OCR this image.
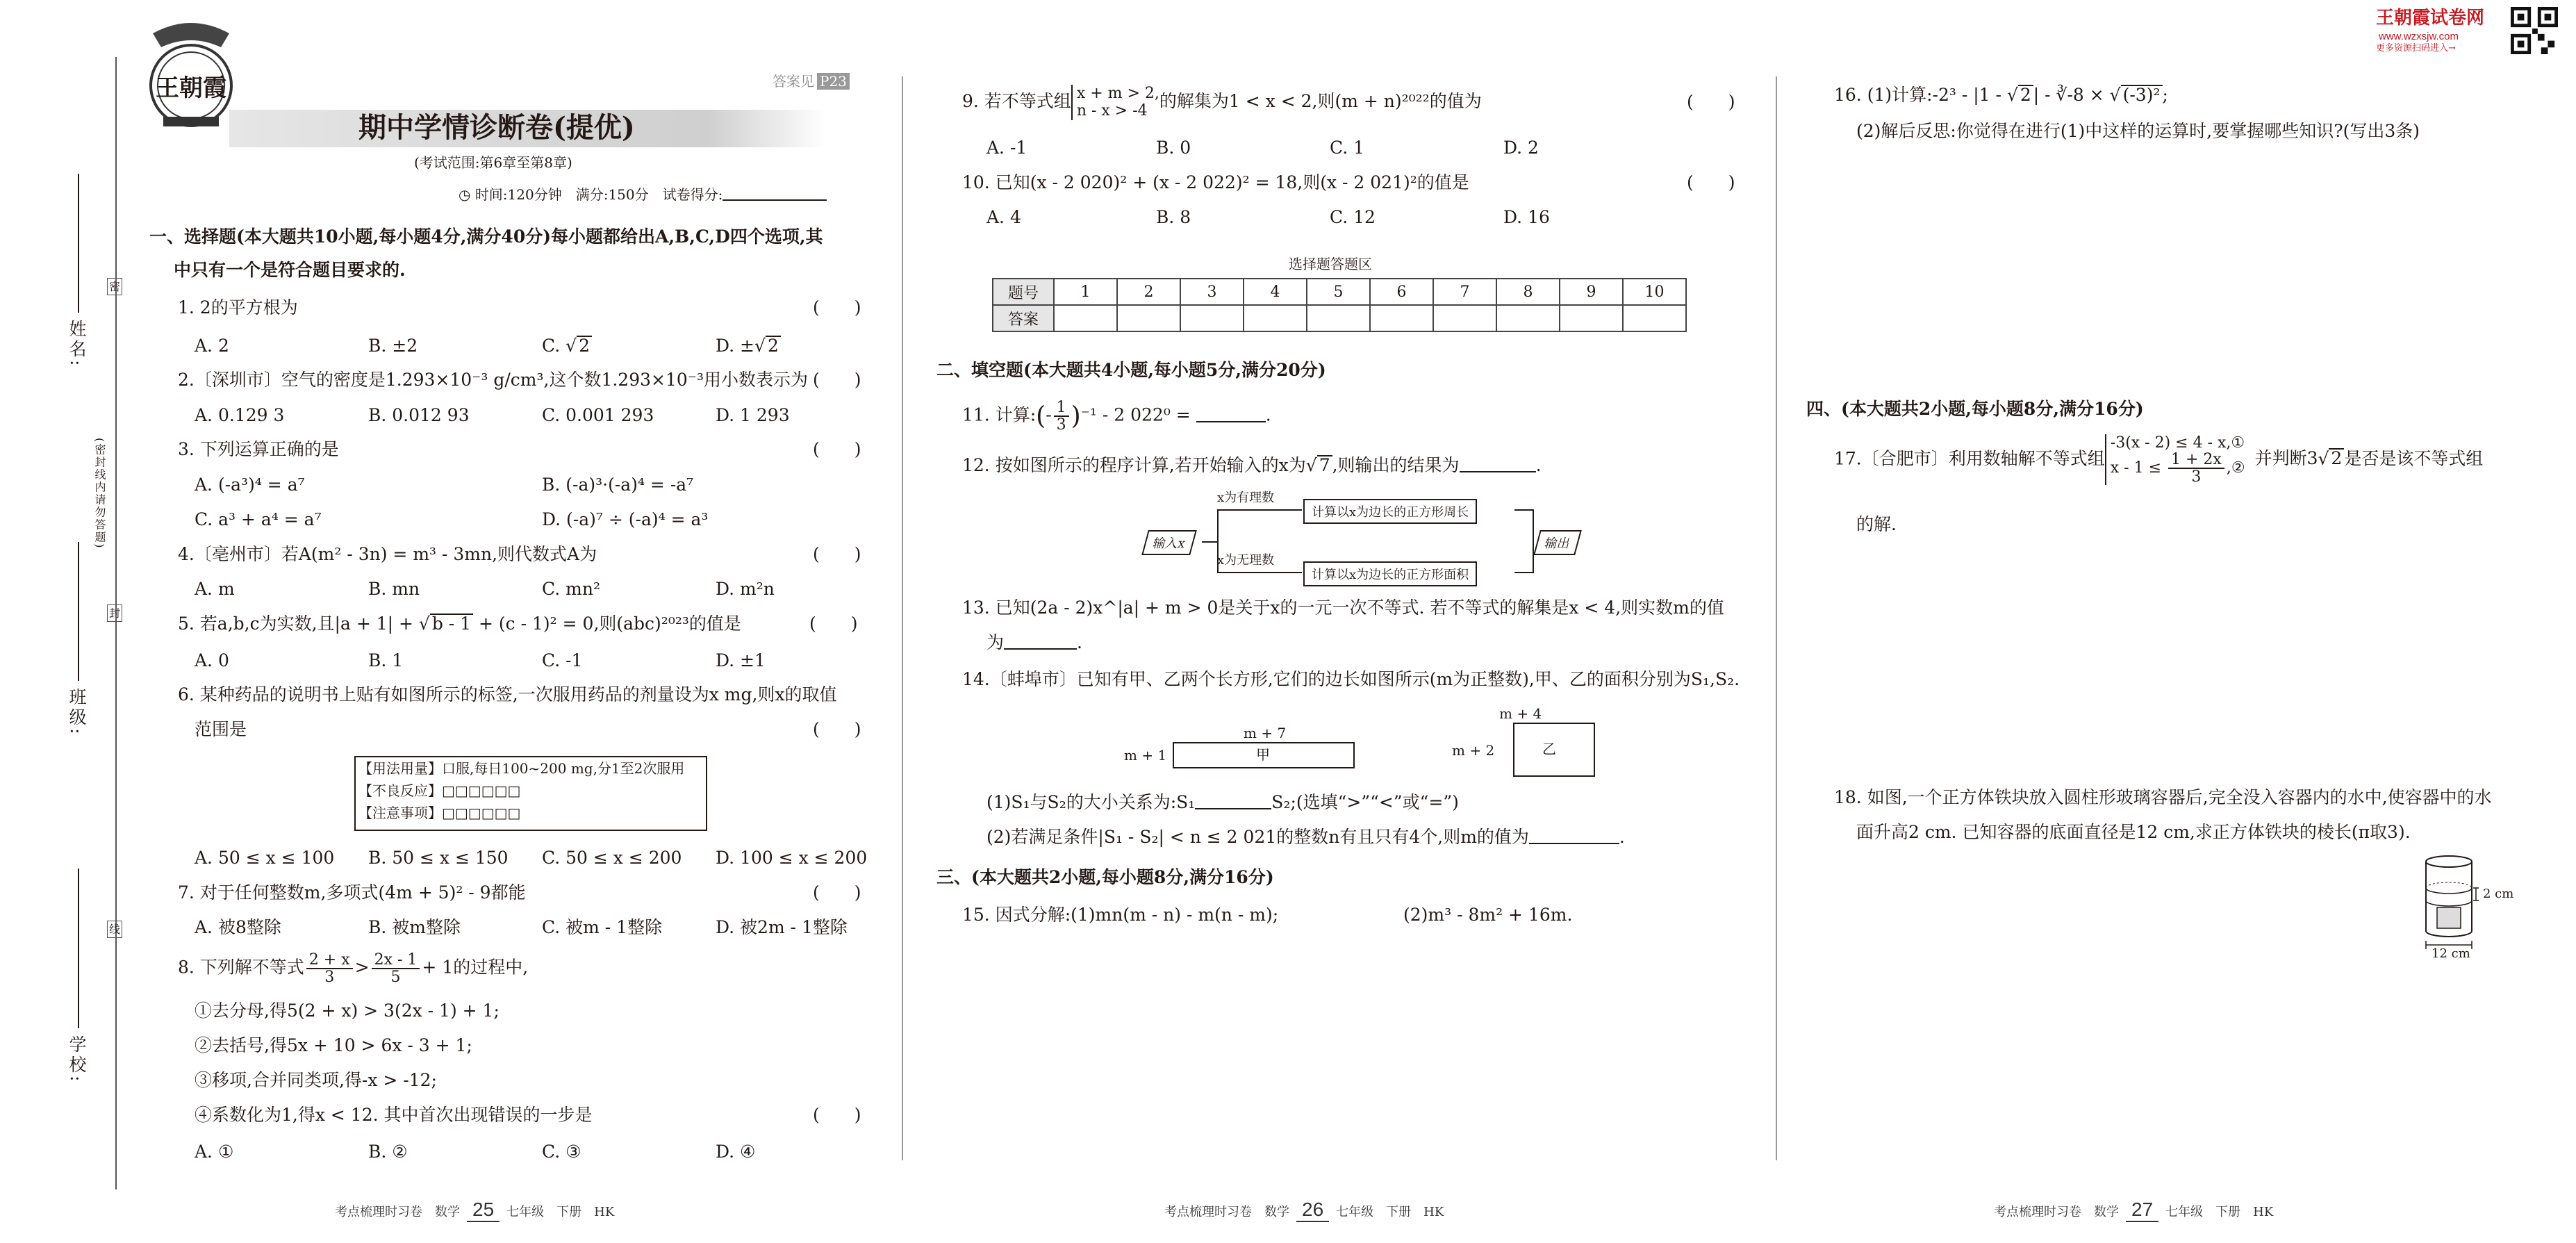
姓名:
班级:
学校:
(密封线内请勿答题)
密
封
线
王朝霞
期中学情诊断卷(提优)
答案见 P23
(考试范围:第6章至第8章)
◷ 时间:120分钟　满分:150分　试卷得分:
一、选择题(本大题共10小题,每小题4分,满分40分)每小题都给出A,B,C,D四个选项,其
中只有一个是符合题目要求的.
1. 2的平方根为	(　　)
A. 2	B. ±2	C. √ 2	D. ±√ 2
2.〔深圳市〕空气的密度是1.293×10⁻³ g/cm³,这个数1.293×10⁻³用小数表示为 (　　)
A. 0.129 3	B. 0.012 93	C. 0.001 293	D. 1 293
3. 下列运算正确的是	(　　)
A. (-a³)⁴ = a⁷	B. (-a)³·(-a)⁴ = -a⁷
C. a³ + a⁴ = a⁷	D. (-a)⁷ ÷ (-a)⁴ = a³
4.〔亳州市〕若A(m² - 3n) = m³ - 3mn,则代数式A为	(　　)
A. m	B. mn	C. mn²	D. m²n
5. 若a,b,c为实数,且|a + 1| + √ b - 1 + (c - 1)² = 0,则(abc)²⁰²³的值是	(　　)
A. 0	B. 1	C. -1	D. ±1
6. 某种药品的说明书上贴有如图所示的标签,一次服用药品的剂量设为x mg,则x的取值
范围是	(　　)
【用法用量】口服,每日100~200 mg,分1至2次服用
【不良反应】□□□□□□
【注意事项】□□□□□□
A. 50 ≤ x ≤ 100 B. 50 ≤ x ≤ 150 C. 50 ≤ x ≤ 200 D. 100 ≤ x ≤ 200
7. 对于任何整数m,多项式(4m + 5)² - 9都能	(　　)
A. 被8整除	B. 被m整除	C. 被m - 1整除	D. 被2m - 1整除
8. 下列解不等式 $\frac{2 + x}{3} > \frac{2x - 1}{5} + 1$的过程中,
①去分母,得5(2 + x) > 3(2x - 1) + 1;
②去括号,得5x + 10 > 6x - 3 + 1;
③移项,合并同类项,得-x > -12;
④系数化为1,得x < 12. 其中首次出现错误的一步是	(　　)
A. ①	B. ②	C. ③	D. ④
9. 若不等式组 x + m > 2,
n - x > -4 的解集为1 < x < 2,则(m + n)²⁰²²的值为	(　　)
A. -1	B. 0	C. 1	D. 2
10. 已知(x - 2 020)² + (x - 2 022)² = 18,则(x - 2 021)²的值是	(　　)
A. 4	B. 8	C. 12	D. 16
选择题答题区
题号	1	2	3	4	5	6	7	8	9	10
答案										
二、填空题(本大题共4小题,每小题5分,满分20分)
11. 计算:(- $\frac{1}{3} )^{-1} - 2$ 022⁰ =	.
12. 按如图所示的程序计算,若开始输入的x为√ 7 ,则输出的结果为	.
输入x
x为有理数
x为无理数
计算以x为边长的正方形周长
计算以x为边长的正方形面积
输出
13. 已知(2a - 2)x^|a| + m > 0是关于x的一元一次不等式. 若不等式的解集是x < 4,则实数m的值
为	.
14.〔蚌埠市〕已知有甲、乙两个长方形,它们的边长如图所示(m为正整数),甲、乙的面积分别为S₁,S₂.
m + 7
m + 1	甲
m + 4
m + 2	乙
(1)S₁与S₂的大小关系为:S₁	S₂;(选填“>”“<”或“=”)
(2)若满足条件|S₁ - S₂| < n ≤ 2 021的整数n有且只有4个,则m的值为	.
三、(本大题共2小题,每小题8分,满分16分)
15. 因式分解:(1)mn(m - n) - m(n - m);	(2)m³ - 8m² + 16m.
王朝霞试卷网
www.wzxsjw.com
更多资源扫码进入→
16. (1)计算:-2³ - |1 - √ 2 | - ∛-8 × √ (-3)² ;
(2)解后反思:你觉得在进行(1)中这样的运算时,要掌握哪些知识?(写出3条)
四、(本大题共2小题,每小题8分,满分16分)
17.〔合肥市〕利用数轴解不等式组
-3(x - 2) ≤ 4 - x,①
$x - 1 \le \frac{1 + 2x}{3}$ ,② 并判断3√ 2 是否是该不等式组
的解.
18. 如图,一个正方体铁块放入圆柱形玻璃容器后,完全没入容器内的水中,使容器中的水
面升高2 cm. 已知容器的底面直径是12 cm,求正方体铁块的棱长(π取3).
2 cm
12 cm
考点梳理时习卷　数学 25 七年级　下册　HK	考点梳理时习卷　数学 26 七年级　下册　HK	考点梳理时习卷　数学 27 七年级　下册　HK
